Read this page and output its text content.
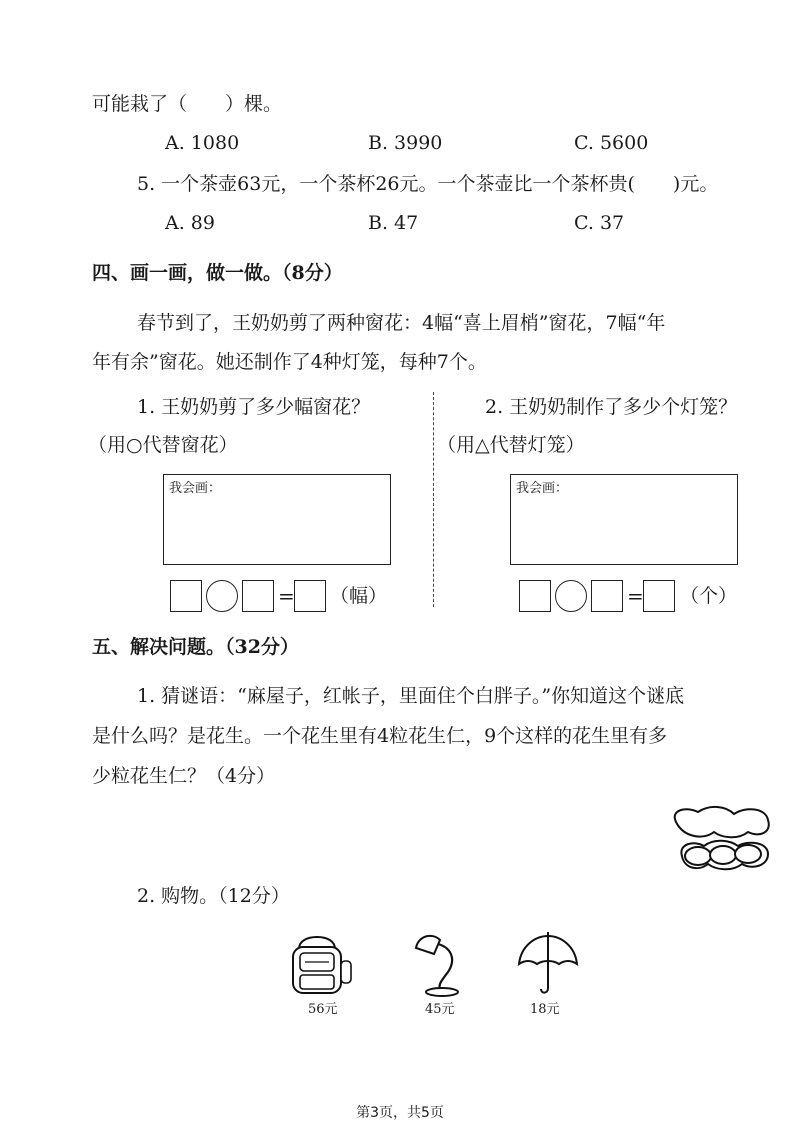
可能栽了（　　）棵。
A. 1080	B. 3990	C. 5600
5. 一个茶壶63元，一个茶杯26元。一个茶壶比一个茶杯贵(　　)元。
A. 89	B. 47	C. 37
四、画一画，做一做。（8分）
春节到了，王奶奶剪了两种窗花：4幅“喜上眉梢”窗花，7幅“年
年有余”窗花。她还制作了4种灯笼，每种7个。
1. 王奶奶剪了多少幅窗花？
（用○代替窗花）
2. 王奶奶制作了多少个灯笼？
（用△代替灯笼）
我会画：
= （幅）
我会画：
= （个）
五、解决问题。（32分）
1. 猜谜语：“麻屋子，红帐子，里面住个白胖子。”你知道这个谜底
是什么吗？是花生。一个花生里有4粒花生仁，9个这样的花生里有多
少粒花生仁？（4分）
2. 购物。（12分）
56元	45元	18元
第3页，共5页
